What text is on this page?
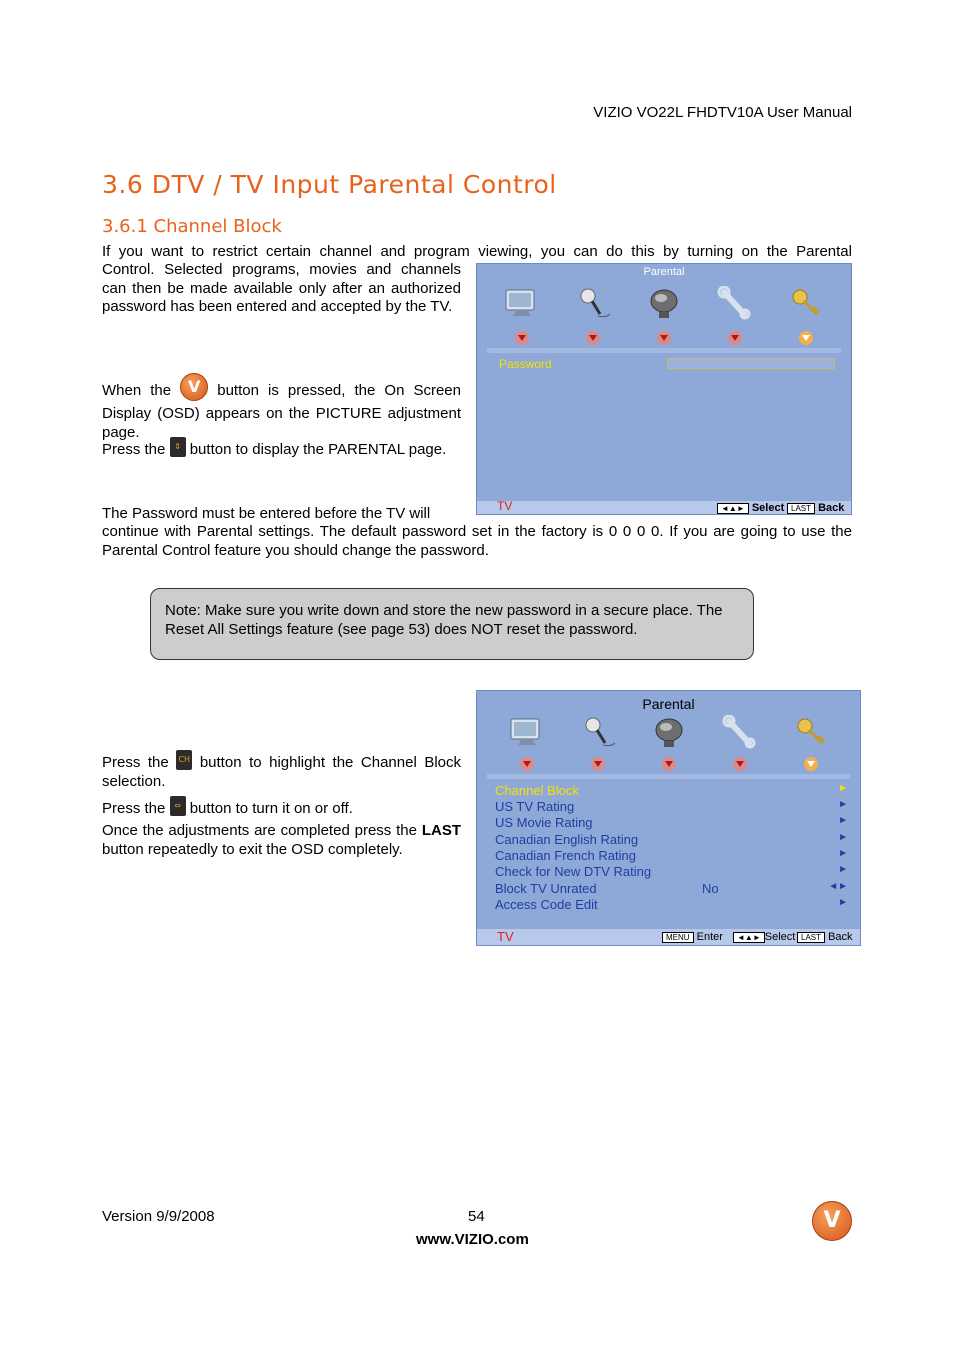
VIZIO VO22L FHDTV10A User Manual
3.6 DTV / TV Input Parental Control
3.6.1 Channel Block
If you want to restrict certain channel and program viewing, you can do this by turning on the Parental
Control. Selected programs, movies and channels can then be made available only after an authorized password has been entered and accepted by the TV.
When the V	button is pressed, the On Screen Display (OSD) appears on the PICTURE adjustment page.
Press the ⇕ button to display the PARENTAL page.
The Password must be entered before the TV will
continue with Parental settings. The default password set in the factory is 0 0 0 0. If you are going to use the Parental Control feature you should change the password.
Note: Make sure you write down and store the new password in a secure place. The Reset All Settings feature (see page 53) does NOT reset the password.
Parental
Password
TV	◄▲► Select LAST Back
Press the CH button to highlight the Channel Block selection.
Press the ⇔ button to turn it on or off.
Once the adjustments are completed press the LAST button repeatedly to exit the OSD completely.
Parental
Channel Block	►
US TV Rating	►
US Movie Rating	►
Canadian English Rating	►
Canadian French Rating	►
Check for New DTV Rating	►
Block TV Unrated	No	◄►
Access Code Edit	►
TV	MENU Enter	◄▲► Select LAST Back
Version 9/9/2008	54
www.VIZIO.com
V
